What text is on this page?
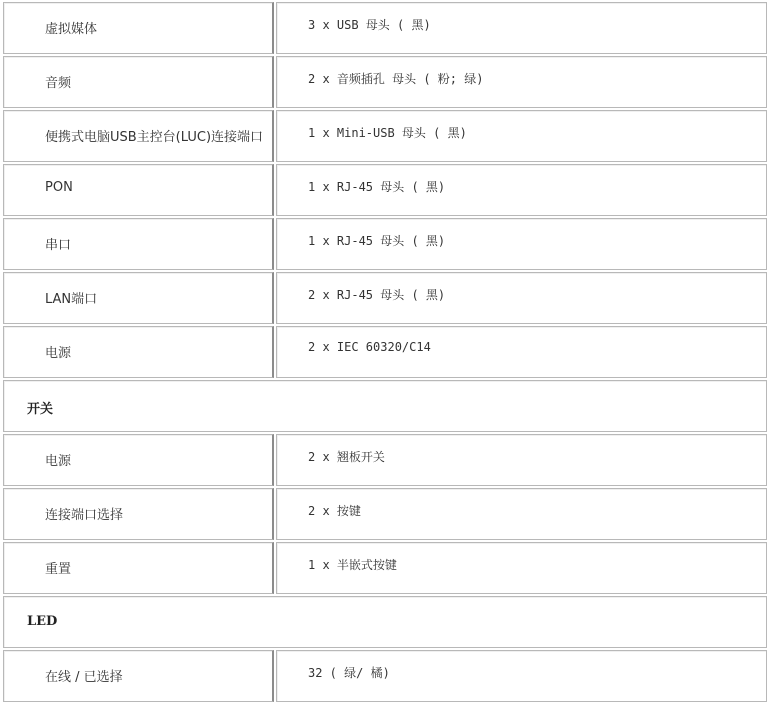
虚拟媒体	3 x USB 母头 ( 黑)
音频	2 x 音频插孔 母头 ( 粉; 绿)
便携式电脑USB主控台(LUC)连接端口	1 x Mini-USB 母头 ( 黑)
PON	1 x RJ-45 母头 ( 黑)
串口	1 x RJ-45 母头 ( 黑)
LAN端口	2 x RJ-45 母头 ( 黑)
电源	2 x IEC 60320/C14
开关
电源	2 x 翘板开关
连接端口选择	2 x 按键
重置	1 x 半嵌式按键
LED
在线 / 已选择	32 ( 绿/ 橘)
